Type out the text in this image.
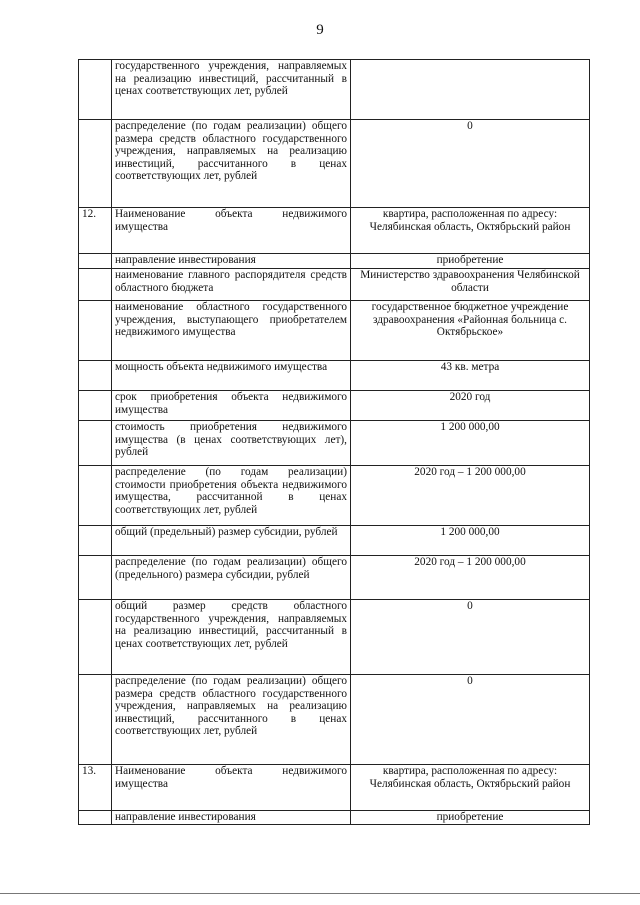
9
	государственного учреждения, направляемых на реализацию инвестиций, рассчитанный в ценах соответствующих лет, рублей	
	распределение (по годам реализации) общего размера средств областного государственного учреждения, направляемых на реализацию инвестиций, рассчитанного в ценах соответствующих лет, рублей	0
12.	Наименование объекта недвижимого имущества	квартира, расположенная по адресу: Челябинская область, Октябрьский район
	направление инвестирования	приобретение
	наименование главного распорядителя средств областного бюджета	Министерство здравоохранения Челябинской области
	наименование областного государственного учреждения, выступающего приобретателем недвижимого имущества	государственное бюджетное учреждение здравоохранения «Районная больница с. Октябрьское»
	мощность объекта недвижимого имущества	43 кв. метра
	срок приобретения объекта недвижимого имущества	2020 год
	стоимость приобретения недвижимого имущества (в ценах соответствующих лет), рублей	1 200 000,00
	распределение (по годам реализации) стоимости приобретения объекта недвижимого имущества, рассчитанной в ценах соответствующих лет, рублей	2020 год – 1 200 000,00
	общий (предельный) размер субсидии, рублей	1 200 000,00
	распределение (по годам реализации) общего (предельного) размера субсидии, рублей	2020 год – 1 200 000,00
	общий размер средств областного государственного учреждения, направляемых на реализацию инвестиций, рассчитанный в ценах соответствующих лет, рублей	0
	распределение (по годам реализации) общего размера средств областного государственного учреждения, направляемых на реализацию инвестиций, рассчитанного в ценах соответствующих лет, рублей	0
13.	Наименование объекта недвижимого имущества	квартира, расположенная по адресу: Челябинская область, Октябрьский район
	направление инвестирования	приобретение
